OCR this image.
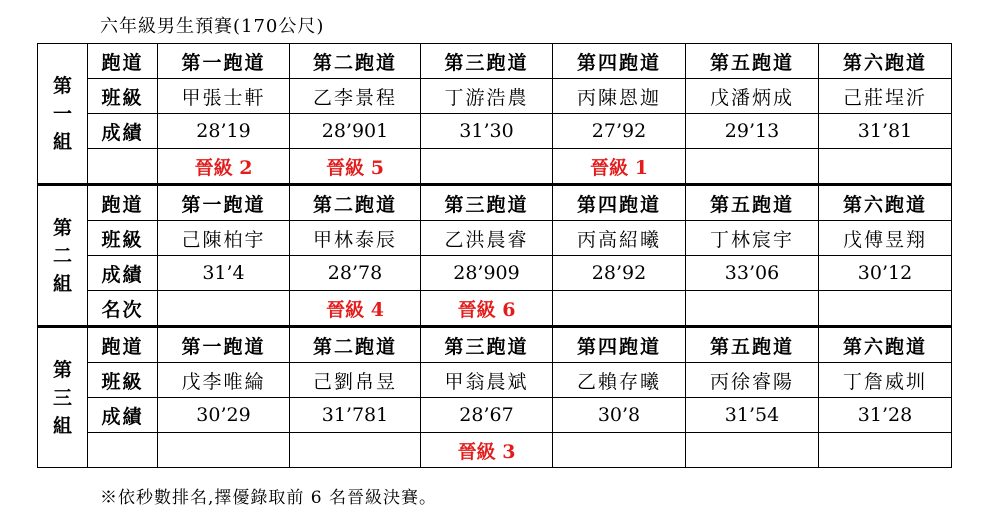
六年級男生預賽(170公尺)
第
一
組	跑道	第一跑道	第二跑道	第三跑道	第四跑道	第五跑道	第六跑道
	班級	甲張士軒	乙李景程	丁游浩農	丙陳恩迦	戊潘炳成	己莊埕沂
	成績	28’19	28’901	31’30	27’92	29’13	31’81
		晉級 2	晉級 5		晉級 1		

第
二
組	跑道	第一跑道	第二跑道	第三跑道	第四跑道	第五跑道	第六跑道
	班級	己陳柏宇	甲林泰辰	乙洪晨睿	丙高紹曦	丁林宸宇	戊傅昱翔
	成績	31’4	28’78	28’909	28’92	33’06	30’12
	名次		晉級 4	晉級 6			

第
三
組	跑道	第一跑道	第二跑道	第三跑道	第四跑道	第五跑道	第六跑道
	班級	戊李唯綸	己劉帛昱	甲翁晨斌	乙賴存曦	丙徐睿陽	丁詹威圳
	成績	30’29	31’781	28’67	30’8	31’54	31’28
				晉級 3			
※依秒數排名,擇優錄取前 6 名晉級決賽。
